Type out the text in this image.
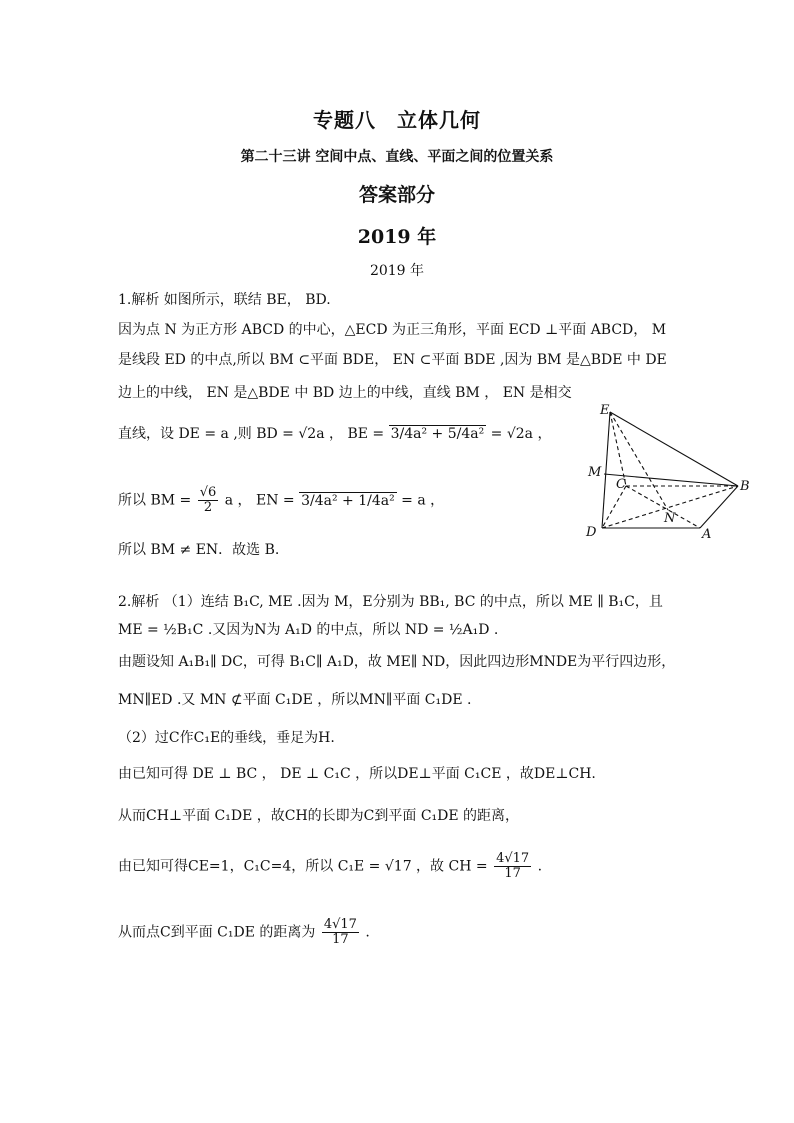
专题八　立体几何
第二十三讲 空间中点、直线、平面之间的位置关系
答案部分
2019 年
2019 年
1.解析 如图所示，联结 BE， BD.
因为点 N 为正方形 ABCD 的中心，△ECD 为正三角形，平面 ECD ⊥平面 ABCD， M
是线段 ED 的中点,所以 BM ⊂平面 BDE， EN ⊂平面 BDE ,因为 BM 是△BDE 中 DE
边上的中线， EN 是△BDE 中 BD 边上的中线，直线 BM ， EN 是相交
直线，设 DE = a ,则 BD = √2a ， BE = 3/4a² + 5/4a² = √2a ，
所以 BM = $\frac{√6}{2}$ a ， EN = 3/4a² + 1/4a² = a ，
所以 BM ≠ EN．故选 B.
E
M
C	B
N
D	A
2.解析 （1）连结 B₁C, ME .因为 M，E分别为 BB₁, BC 的中点，所以 ME ∥ B₁C，且
ME = ½B₁C .又因为N为 A₁D 的中点，所以 ND = ½A₁D .
由题设知 A₁B₁∥ DC，可得 B₁C∥ A₁D，故 ME∥ ND，因此四边形MNDE为平行四边形，
MN∥ED .又 MN ⊄平面 C₁DE ，所以MN∥平面 C₁DE .
（2）过C作C₁E的垂线，垂足为H.
由已知可得 DE ⊥ BC ， DE ⊥ C₁C ，所以DE⊥平面 C₁CE ，故DE⊥CH.
从而CH⊥平面 C₁DE ，故CH的长即为C到平面 C₁DE 的距离，
由已知可得CE=1，C₁C=4，所以 C₁E = √17 ，故 CH = $\frac{4√17}{17}$ .
从而点C到平面 C₁DE 的距离为 $\frac{4√17}{17}$ .
